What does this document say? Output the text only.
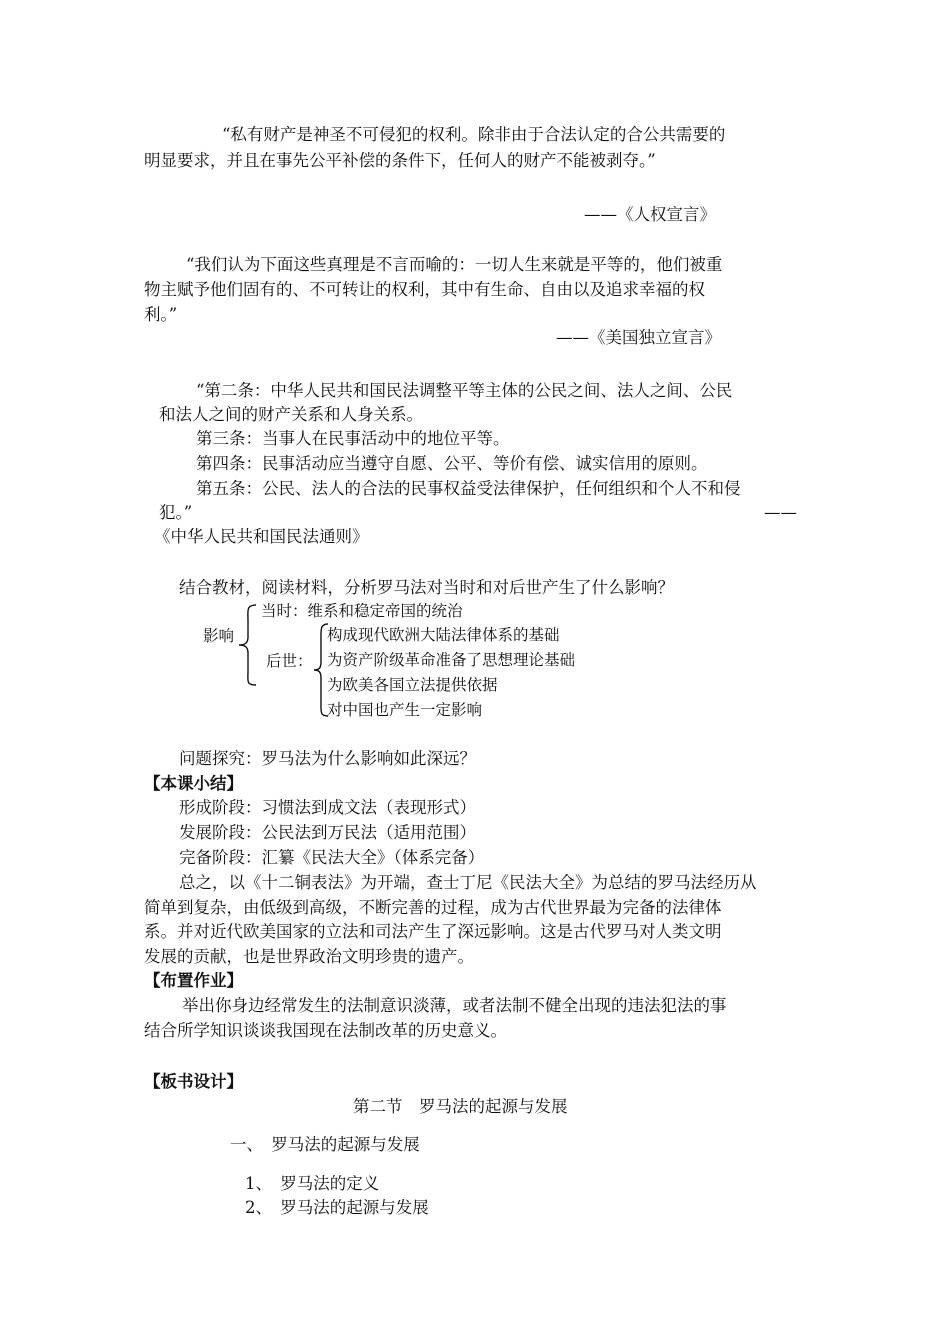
“私有财产是神圣不可侵犯的权利。除非由于合法认定的合公共需要的
明显要求，并且在事先公平补偿的条件下，任何人的财产不能被剥夺。”
——《人权宣言》
“我们认为下面这些真理是不言而喻的：一切人生来就是平等的，他们被重
物主赋予他们固有的、不可转让的权利，其中有生命、自由以及追求幸福的权
利。”
——《美国独立宣言》
“第二条：中华人民共和国民法调整平等主体的公民之间、法人之间、公民
和法人之间的财产关系和人身关系。
第三条：当事人在民事活动中的地位平等。
第四条：民事活动应当遵守自愿、公平、等价有偿、诚实信用的原则。
第五条：公民、法人的合法的民事权益受法律保护，任何组织和个人不和侵
犯。”	——
《中华人民共和国民法通则》
结合教材，阅读材料，分析罗马法对当时和对后世产生了什么影响？
影响
当时：维系和稳定帝国的统治
后世：
构成现代欧洲大陆法律体系的基础
为资产阶级革命准备了思想理论基础
为欧美各国立法提供依据
对中国也产生一定影响
问题探究：罗马法为什么影响如此深远？
【本课小结】
形成阶段：习惯法到成文法（表现形式）
发展阶段：公民法到万民法（适用范围）
完备阶段：汇纂《民法大全》（体系完备）
总之，以《十二铜表法》为开端，查士丁尼《民法大全》为总结的罗马法经历从
简单到复杂，由低级到高级，不断完善的过程，成为古代世界最为完备的法律体
系。并对近代欧美国家的立法和司法产生了深远影响。这是古代罗马对人类文明
发展的贡献，也是世界政治文明珍贵的遗产。
【布置作业】
举出你身边经常发生的法制意识淡薄，或者法制不健全出现的违法犯法的事
结合所学知识谈谈我国现在法制改革的历史意义。
【板书设计】
第二节　罗马法的起源与发展
一、　罗马法的起源与发展
1、　罗马法的定义
2、　罗马法的起源与发展
